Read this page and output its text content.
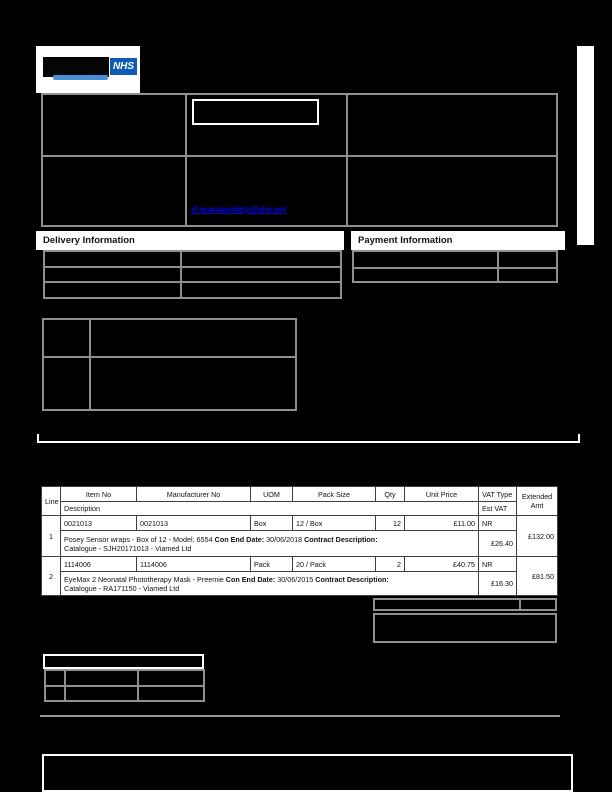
NHS
rf.acandasafety@nhs.net
Delivery Information	Payment Information
Line	Item No	Manufacturer No	UOM	Pack Size	Qty	Unit Price	VAT Type	Extended
Amt

	Description						Est VAT	
1	0021013	0021013	Box	12 / Box	12	£11.00	NR	£132.00

	Posey Sensor wraps - Box of 12 - Model: 6554 Con End Date: 30/06/2018 Contract Description:
Catalogue - SJH20171013 - Viamed Ltd						£26.40	
2	1114006	1114006	Pack	20 / Pack	2	£40.75	NR	£81.50

	EyeMax 2 Neonatal Phototherapy Mask - Preemie Con End Date: 30/06/2015 Contract Description:
Catalogue - RA171150 - Viamed Ltd						£16.30	
